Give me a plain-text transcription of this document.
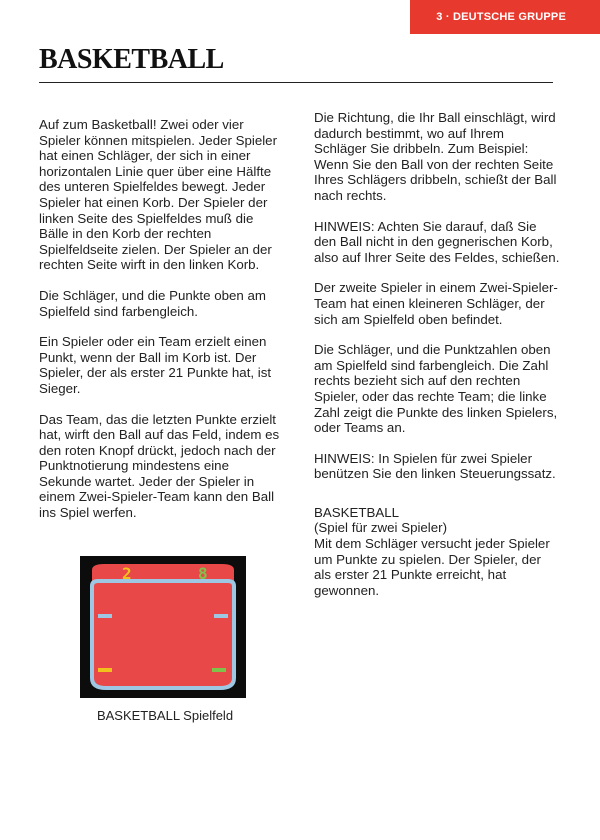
3 · DEUTSCHE GRUPPE
BASKETBALL

Auf zum Basketball! Zwei oder vier Spieler können mitspielen. Jeder Spieler hat einen Schläger, der sich in einer horizontalen Linie quer über eine Hälfte des unteren Spielfeldes bewegt. Jeder Spieler hat einen Korb. Der Spieler der linken Seite des Spielfeldes muß die Bälle in den Korb der rechten Spielfeldseite zielen. Der Spieler an der rechten Seite wirft in den linken Korb.

Die Schläger, und die Punkte oben am Spielfeld sind farbengleich.

Ein Spieler oder ein Team erzielt einen Punkt, wenn der Ball im Korb ist. Der Spieler, der als erster 21 Punkte hat, ist Sieger.

Das Team, das die letzten Punkte erzielt hat, wirft den Ball auf das Feld, indem es den roten Knopf drückt, jedoch nach der Punktnotierung mindestens eine Sekunde wartet. Jeder der Spieler in einem Zwei-Spieler-Team kann den Ball ins Spiel werfen.

Die Richtung, die Ihr Ball einschlägt, wird dadurch bestimmt, wo auf Ihrem Schläger Sie dribbeln. Zum Beispiel: Wenn Sie den Ball von der rechten Seite Ihres Schlägers dribbeln, schießt der Ball nach rechts.

HINWEIS: Achten Sie darauf, daß Sie den Ball nicht in den gegnerischen Korb, also auf Ihrer Seite des Feldes, schießen.

Der zweite Spieler in einem Zwei-Spieler-Team hat einen kleineren Schläger, der sich am Spielfeld oben befindet.

Die Schläger, und die Punktzahlen oben am Spielfeld sind farbengleich. Die Zahl rechts bezieht sich auf den rechten Spieler, oder das rechte Team; die linke Zahl zeigt die Punkte des linken Spielers, oder Teams an.

HINWEIS: In Spielen für zwei Spieler benützen Sie den linken Steuerungssatz.

BASKETBALL
(Spiel für zwei Spieler)
Mit dem Schläger versucht jeder Spieler um Punkte zu spielen. Der Spieler, der als erster 21 Punkte erreicht, hat gewonnen.

2	8
BASKETBALL Spielfeld
